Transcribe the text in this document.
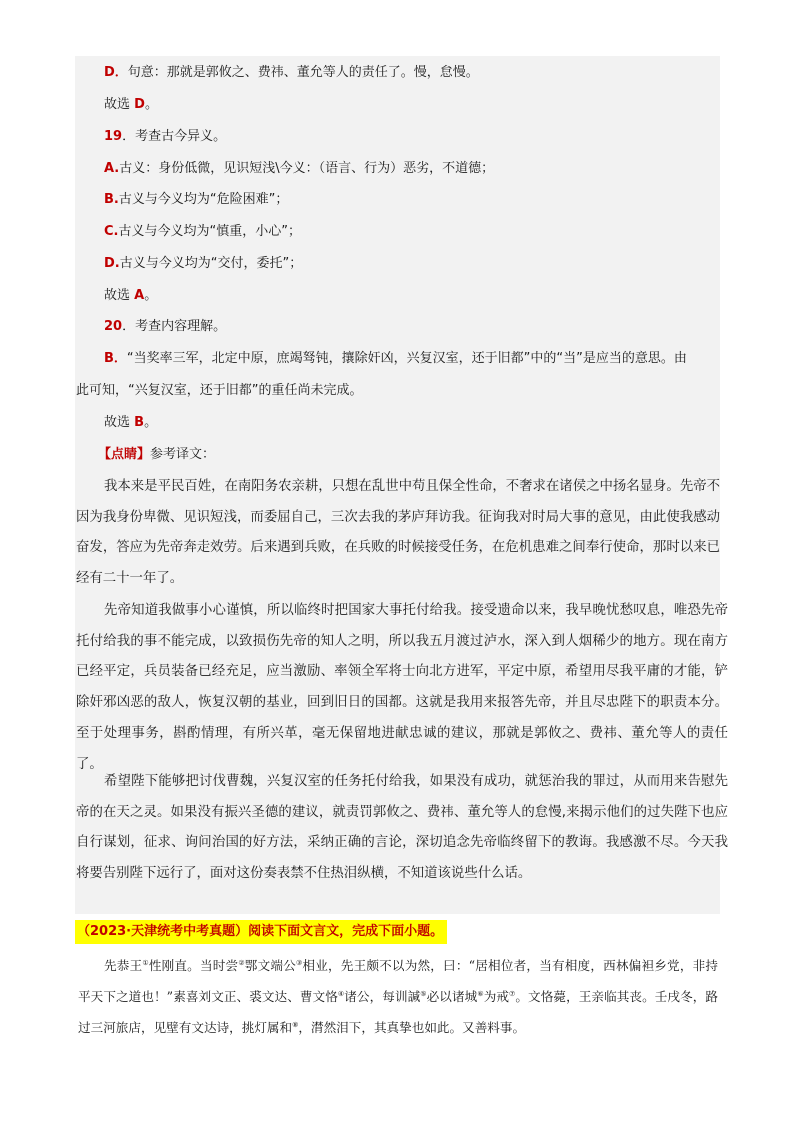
D．句意：那就是郭攸之、费祎、董允等人的责任了。慢，怠慢。
故选 D。
19．考查古今异义。
A.古义：身份低微，见识短浅\今义：（语言、行为）恶劣，不道德；
B.古义与今义均为“危险困难”；
C.古义与今义均为“慎重，小心”；
D.古义与今义均为“交付，委托”；
故选 A。
20．考查内容理解。
B．“当奖率三军，北定中原，庶竭驽钝，攘除奸凶，兴复汉室，还于旧都”中的“当”是应当的意思。由
此可知，“兴复汉室，还于旧都”的重任尚未完成。
故选 B。
【点睛】参考译文：
我本来是平民百姓，在南阳务农亲耕，只想在乱世中苟且保全性命，不奢求在诸侯之中扬名显身。先帝不因为我身份卑微、见识短浅，而委屈自己，三次去我的茅庐拜访我。征询我对时局大事的意见，由此使我感动奋发，答应为先帝奔走效劳。后来遇到兵败，在兵败的时候接受任务，在危机患难之间奉行使命，那时以来已经有二十一年了。
先帝知道我做事小心谨慎，所以临终时把国家大事托付给我。接受遗命以来，我早晚忧愁叹息，唯恐先帝托付给我的事不能完成，以致损伤先帝的知人之明，所以我五月渡过泸水，深入到人烟稀少的地方。现在南方已经平定，兵员装备已经充足，应当激励、率领全军将士向北方进军，平定中原，希望用尽我平庸的才能，铲除奸邪凶恶的敌人，恢复汉朝的基业，回到旧日的国都。这就是我用来报答先帝，并且尽忠陛下的职责本分。至于处理事务，斟酌情理，有所兴革，毫无保留地进献忠诚的建议，那就是郭攸之、费祎、董允等人的责任了。
希望陛下能够把讨伐曹魏，兴复汉室的任务托付给我，如果没有成功，就惩治我的罪过，从而用来告慰先帝的在天之灵。如果没有振兴圣德的建议，就责罚郭攸之、费祎、董允等人的怠慢,来揭示他们的过失陛下也应自行谋划，征求、询问治国的好方法，采纳正确的言论，深切追念先帝临终留下的教诲。我感激不尽。今天我将要告别陛下远行了，面对这份奏表禁不住热泪纵横，不知道该说些什么话。
（2023·天津统考中考真题）阅读下面文言文，完成下面小题。
先恭王①性刚直。当时尝②鄂文端公③相业，先王颇不以为然，曰：“居相位者，当有相度，西林偏袒乡党，非持平天下之道也！”素喜刘文正、裘文达、曹文恪④诸公，每训諴⑤必以诸城⑥为戒⑦。文恪薨，王亲临其丧。壬戌冬，路过三河旅店，见壁有文达诗，挑灯属和⑧，潸然泪下，其真挚也如此。又善料事。
